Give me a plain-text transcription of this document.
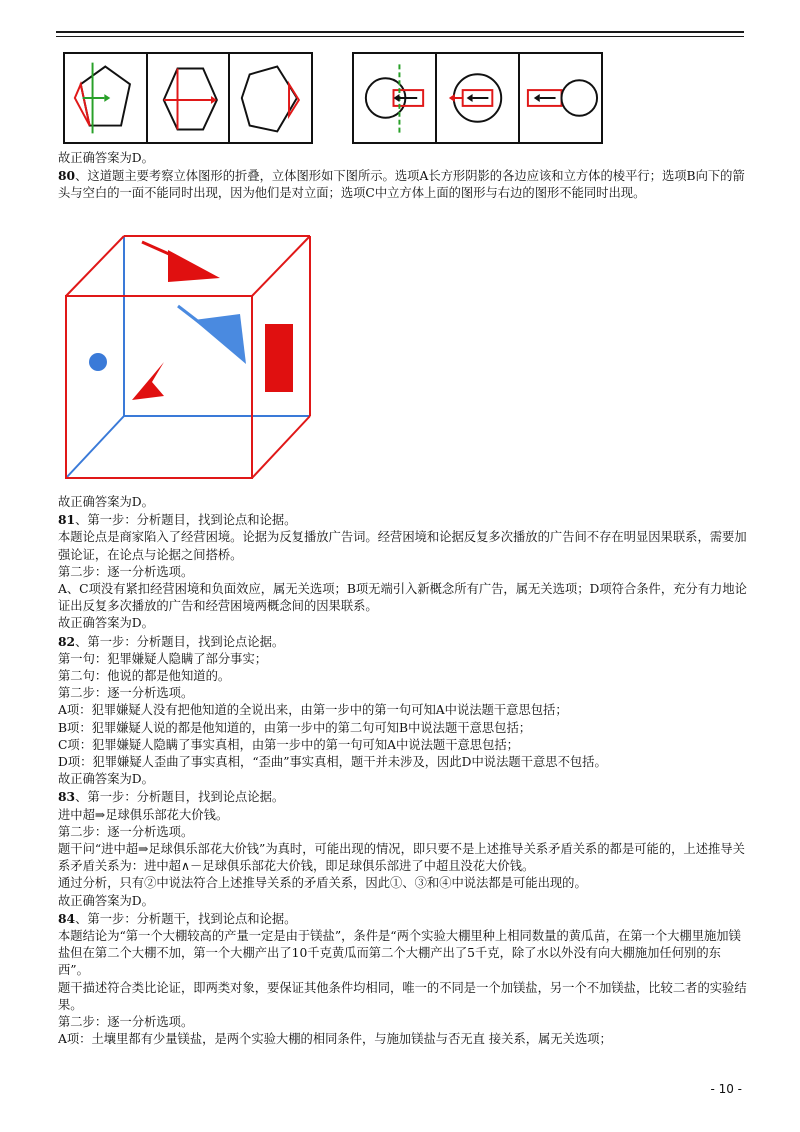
故正确答案为D。
80、这道题主要考察立体图形的折叠，立体图形如下图所示。选项A长方形阴影的各边应该和立方体的棱平行；选项B向下的箭头与空白的一面不能同时出现，因为他们是对立面；选项C中立方体上面的图形与右边的图形不能同时出现。
故正确答案为D。
81、第一步：分析题目，找到论点和论据。
本题论点是商家陷入了经营困境。论据为反复播放广告词。经营困境和论据反复多次播放的广告间不存在明显因果联系，需要加强论证，在论点与论据之间搭桥。
第二步：逐一分析选项。
A、C项没有紧扣经营困境和负面效应，属无关选项；B项无端引入新概念所有广告，属无关选项；D项符合条件，充分有力地论证出反复多次播放的广告和经营困境两概念间的因果联系。
故正确答案为D。
82、第一步：分析题目，找到论点论据。
第一句：犯罪嫌疑人隐瞒了部分事实；
第二句：他说的都是他知道的。
第二步：逐一分析选项。
A项：犯罪嫌疑人没有把他知道的全说出来，由第一步中的第一句可知A中说法题干意思包括；
B项：犯罪嫌疑人说的都是他知道的，由第一步中的第二句可知B中说法题干意思包括；
C项：犯罪嫌疑人隐瞒了事实真相，由第一步中的第一句可知A中说法题干意思包括；
D项：犯罪嫌疑人歪曲了事实真相，“歪曲”事实真相，题干并未涉及，因此D中说法题干意思不包括。
故正确答案为D。
83、第一步：分析题目，找到论点论据。
进中超⇒足球俱乐部花大价钱。
第二步：逐一分析选项。
题干问“进中超⇒足球俱乐部花大价钱”为真时，可能出现的情况，即只要不是上述推导关系矛盾关系的都是可能的，上述推导关系矛盾关系为：进中超∧－足球俱乐部花大价钱，即足球俱乐部进了中超且没花大价钱。
通过分析，只有②中说法符合上述推导关系的矛盾关系，因此①、③和④中说法都是可能出现的。
故正确答案为D。
84、第一步：分析题干，找到论点和论据。
本题结论为“第一个大棚较高的产量一定是由于镁盐”，条件是“两个实验大棚里种上相同数量的黄瓜苗，在第一个大棚里施加镁盐但在第二个大棚不加，第一个大棚产出了10千克黄瓜而第二个大棚产出了5千克，除了水以外没有向大棚施加任何别的东西”。
题干描述符合类比论证，即两类对象，要保证其他条件均相同，唯一的不同是一个加镁盐，另一个不加镁盐，比较二者的实验结果。
第二步：逐一分析选项。
A项：土壤里都有少量镁盐，是两个实验大棚的相同条件，与施加镁盐与否无直 接关系，属无关选项；
- 10 -
